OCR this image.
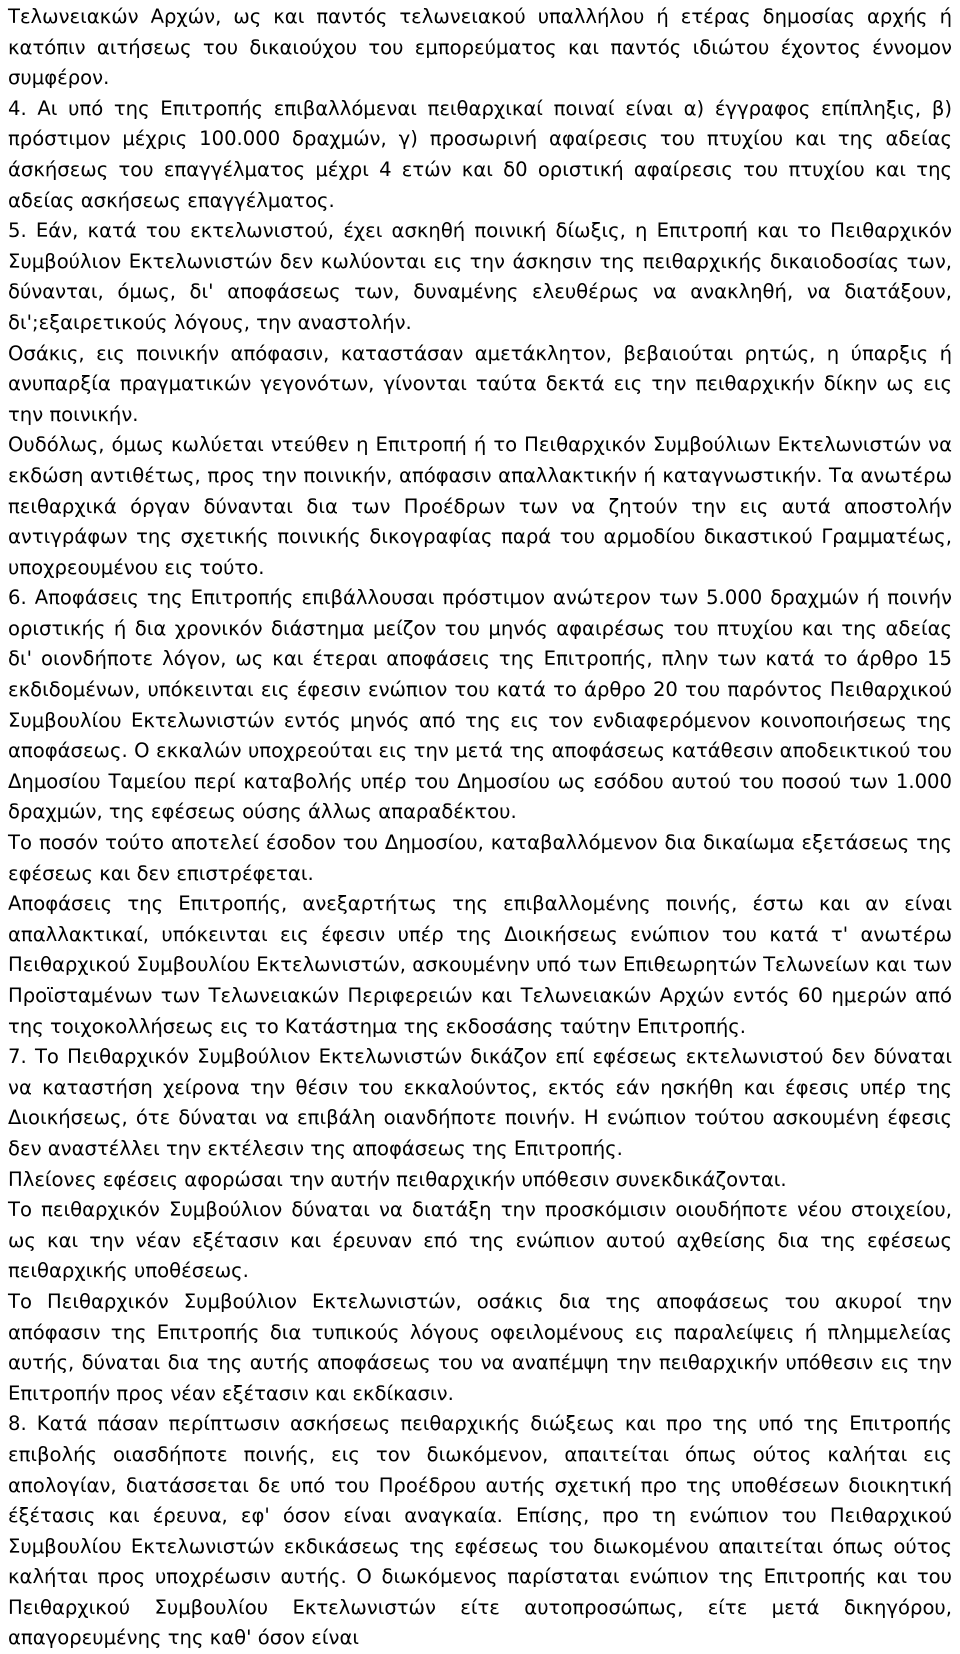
Τελωνειακών Αρχών, ως και παντός τελωνειακού υπαλλήλου ή ετέρας δημοσίας αρχής ή κατόπιν αιτήσεως του δικαιούχου του εμπορεύματος και παντός ιδιώτου έχοντος έννομον συμφέρον.

4. Αι υπό της Επιτροπής επιβαλλόμεναι πειθαρχικαί ποιναί είναι α) έγγραφος επίπληξις, β) πρόστιμον μέχρις 100.000 δραχμών, γ) προσωρινή αφαίρεσις του πτυχίου και της αδείας άσκήσεως του επαγγέλματος μέχρι 4 ετών και δ0 οριστική αφαίρεσις του πτυχίου και της αδείας ασκήσεως επαγγέλματος.

5. Εάν, κατά του εκτελωνιστού, έχει ασκηθή ποινική δίωξις, η Επιτροπή και το Πειθαρχικόν Συμβούλιον Εκτελωνιστών δεν κωλύονται εις την άσκησιν της πειθαρχικής δικαιοδοσίας των, δύνανται, όμως, δι' αποφάσεως των, δυναμένης ελευθέρως να ανακληθή, να διατάξουν, δι';εξαιρετικούς λόγους, την αναστολήν.

Οσάκις, εις ποινικήν απόφασιν, καταστάσαν αμετάκλητον, βεβαιούται ρητώς, η ύπαρξις ή ανυπαρξία πραγματικών γεγονότων, γίνονται ταύτα δεκτά εις την πειθαρχικήν δίκην ως εις την ποινικήν.

Ουδόλως, όμως κωλύεται ντεύθεν η Επιτροπή ή το Πειθαρχικόν Συμβούλιων Εκτελωνιστών να εκδώση αντιθέτως, προς την ποινικήν, απόφασιν απαλλακτικήν ή καταγνωστικήν. Τα ανωτέρω πειθαρχικά όργαν δύνανται δια των Προέδρων των να ζητούν την εις αυτά αποστολήν αντιγράφων της σχετικής ποινικής δικογραφίας παρά του αρμοδίου δικαστικού Γραμματέως, υποχρεουμένου εις τούτο.

6. Αποφάσεις της Επιτροπής επιβάλλουσαι πρόστιμον ανώτερον των 5.000 δραχμών ή ποινήν οριστικής ή δια χρονικόν διάστημα μείζον του μηνός αφαιρέσως του πτυχίου και της αδείας δι' οιονδήποτε λόγον, ως και έτεραι αποφάσεις της Επιτροπής, πλην των κατά το άρθρο 15 εκδιδομένων, υπόκεινται εις έφεσιν ενώπιον του κατά το άρθρο 20 του παρόντος Πειθαρχικού Συμβουλίου Εκτελωνιστών εντός μηνός από της εις τον ενδιαφερόμενον κοινοποιήσεως της αποφάσεως. Ο εκκαλών υποχρεούται εις την μετά της αποφάσεως κατάθεσιν αποδεικτικού του Δημοσίου Ταμείου περί καταβολής υπέρ του Δημοσίου ως εσόδου αυτού του ποσού των 1.000 δραχμών, της εφέσεως ούσης άλλως απαραδέκτου.

Το ποσόν τούτο αποτελεί έσοδον του Δημοσίου, καταβαλλόμενον δια δικαίωμα εξετάσεως της εφέσεως και δεν επιστρέφεται.

Αποφάσεις της Επιτροπής, ανεξαρτήτως της επιβαλλομένης ποινής, έστω και αν είναι απαλλακτικαί, υπόκεινται εις έφεσιν υπέρ της Διοικήσεως ενώπιον του κατά τ' ανωτέρω Πειθαρχικού Συμβουλίου Εκτελωνιστών, ασκουμένην υπό των Επιθεωρητών Τελωνείων και των Προϊσταμένων των Τελωνειακών Περιφερειών και Τελωνειακών Αρχών εντός 60 ημερών από της τοιχοκολλήσεως εις το Κατάστημα της εκδοσάσης ταύτην Επιτροπής.

7. Το Πειθαρχικόν Συμβούλιον Εκτελωνιστών δικάζον επί εφέσεως εκτελωνιστού δεν δύναται να καταστήση χείρονα την θέσιν του εκκαλούντος, εκτός εάν ησκήθη και έφεσις υπέρ της Διοικήσεως, ότε δύναται να επιβάλη οιανδήποτε ποινήν. Η ενώπιον τούτου ασκουμένη έφεσις δεν αναστέλλει την εκτέλεσιν της αποφάσεως της Επιτροπής.

Πλείονες εφέσεις αφορώσαι την αυτήν πειθαρχικήν υπόθεσιν συνεκδικάζονται.

Το πειθαρχικόν Συμβούλιον δύναται να διατάξη την προσκόμισιν οιουδήποτε νέου στοιχείου, ως και την νέαν εξέτασιν και έρευναν επό της ενώπιον αυτού αχθείσης δια της εφέσεως πειθαρχικής υποθέσεως.

Το Πειθαρχικόν Συμβούλιον Εκτελωνιστών, οσάκις δια της αποφάσεως του ακυροί την απόφασιν της Επιτροπής δια τυπικούς λόγους οφειλομένους εις παραλείψεις ή πλημμελείας αυτής, δύναται δια της αυτής αποφάσεως του να αναπέμψη την πειθαρχικήν υπόθεσιν εις την Επιτροπήν προς νέαν εξέτασιν και εκδίκασιν.

8. Κατά πάσαν περίπτωσιν ασκήσεως πειθαρχικής διώξεως και προ της υπό της Επιτροπής επιβολής οιασδήποτε ποινής, εις τον διωκόμενον, απαιτείται όπως ούτος καλήται εις απολογίαν, διατάσσεται δε υπό του Προέδρου αυτής σχετική προ της υποθέσεων διοικητική έξέτασις και έρευνα, εφ' όσον είναι αναγκαία. Επίσης, προ τη ενώπιον του Πειθαρχικού Συμβουλίου Εκτελωνιστών εκδικάσεως της εφέσεως του διωκομένου απαιτείται όπως ούτος καλήται προς υποχρέωσιν αυτής. Ο διωκόμενος παρίσταται ενώπιον της Επιτροπής και του Πειθαρχικού Συμβουλίου Εκτελωνιστών είτε αυτοπροσώπως, είτε μετά δικηγόρου, απαγορευμένης της καθ' όσον είναι
